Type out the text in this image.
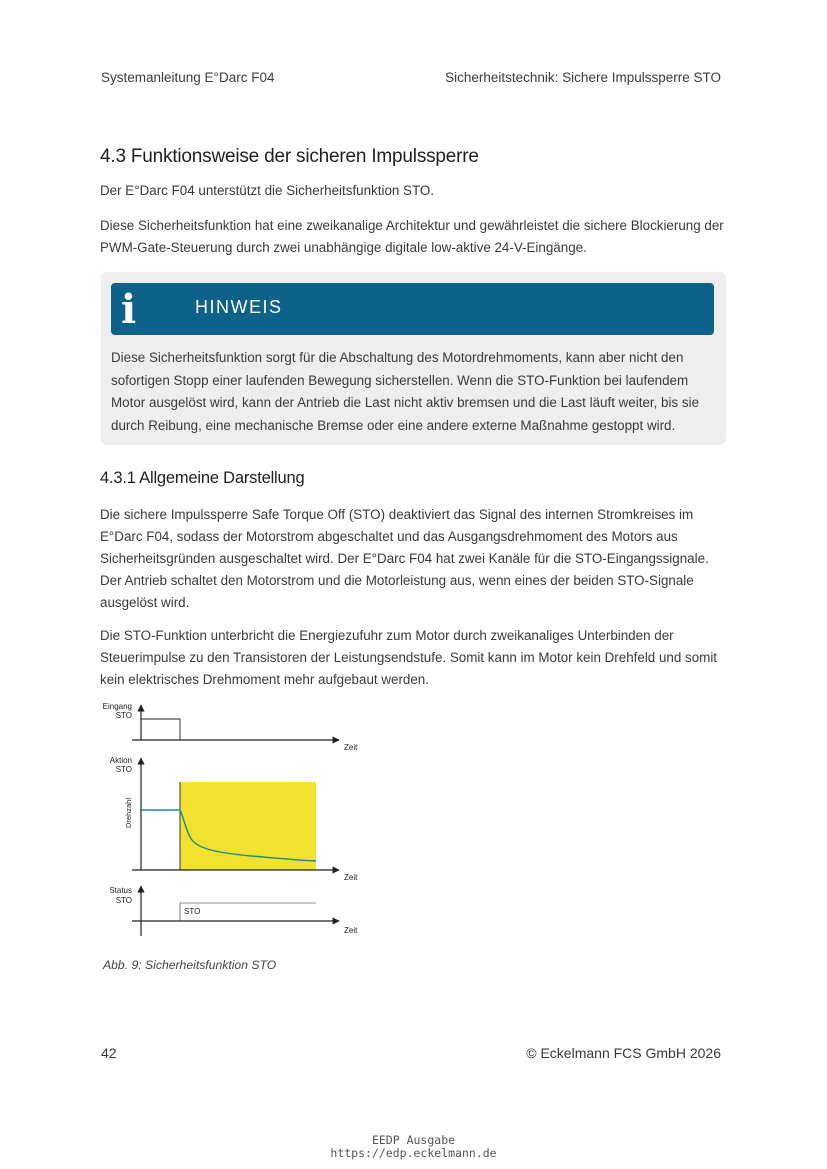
Systemanleitung E°Darc F04	Sicherheitstechnik: Sichere Impulssperre STO
4.3 Funktionsweise der sicheren Impulssperre

Der E°Darc F04 unterstützt die Sicherheitsfunktion STO.

Diese Sicherheitsfunktion hat eine zweikanalige Architektur und gewährleistet die sichere Blockierung der PWM-Gate-Steuerung durch zwei unabhängige digitale low-aktive 24-V-Eingänge.

i	HINWEIS

Diese Sicherheitsfunktion sorgt für die Abschaltung des Motordrehmoments, kann aber nicht den sofortigen Stopp einer laufenden Bewegung sicherstellen. Wenn die STO-Funktion bei laufendem Motor ausgelöst wird, kann der Antrieb die Last nicht aktiv bremsen und die Last läuft weiter, bis sie durch Reibung, eine mechanische Bremse oder eine andere externe Maßnahme gestoppt wird.

4.3.1 Allgemeine Darstellung

Die sichere Impulssperre Safe Torque Off (STO) deaktiviert das Signal des internen Stromkreises im E°Darc F04, sodass der Motorstrom abgeschaltet und das Ausgangsdrehmoment des Motors aus Sicherheitsgründen ausgeschaltet wird. Der E°Darc F04 hat zwei Kanäle für die STO-Eingangssignale. Der Antrieb schaltet den Motorstrom und die Motorleistung aus, wenn eines der beiden STO-Signale ausgelöst wird.

Die STO-Funktion unterbricht die Energiezufuhr zum Motor durch zweikanaliges Unterbinden der Steuerimpulse zu den Transistoren der Leistungsendstufe. Somit kann im Motor kein Drehfeld und somit kein elektrisches Drehmoment mehr aufgebaut werden.

Eingang
STO
Zeit
Aktion
STO
Drehzahl
Zeit
Status
STO
STO
Zeit
Abb. 9: Sicherheitsfunktion STO
42	© Eckelmann FCS GmbH 2026
EEDP Ausgabe
https://edp.eckelmann.de
